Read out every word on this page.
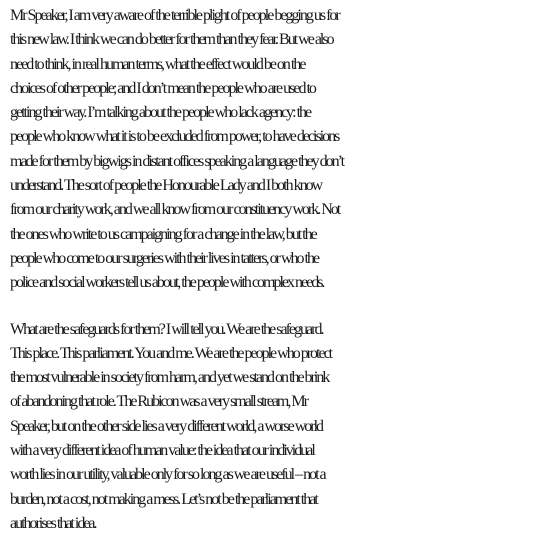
Mr Speaker, I am very aware of the terrible plight of people begging us for
this new law. I think we can do better for them than they fear. But we also
need to think, in real human terms, what the effect would be on the
choices of other people; and I don’t mean the people who are used to
getting their way. I’m talking about the people who lack agency: the
people who know what it is to be excluded from power, to have decisions
made for them by bigwigs in distant offices speaking a language they don’t
understand. The sort of people the Honourable Lady and I both know
from our charity work, and we all know from our constituency work. Not
the ones who write to us campaigning for a change in the law, but the
people who come to our surgeries with their lives in tatters, or who the
police and social workers tell us about, the people with complex needs.

What are the safeguards for them? I will tell you. We are the safeguard.
This place. This parliament. You and me. We are the people who protect
the most vulnerable in society from harm, and yet we stand on the brink
of abandoning that role. The Rubicon was a very small stream, Mr
Speaker, but on the other side lies a very different world, a worse world
with a very different idea of human value: the idea that our individual
worth lies in our utility, valuable only for so long as we are useful – not a
burden, not a cost, not making a mess. Let’s not be the parliament that
authorises that idea.
